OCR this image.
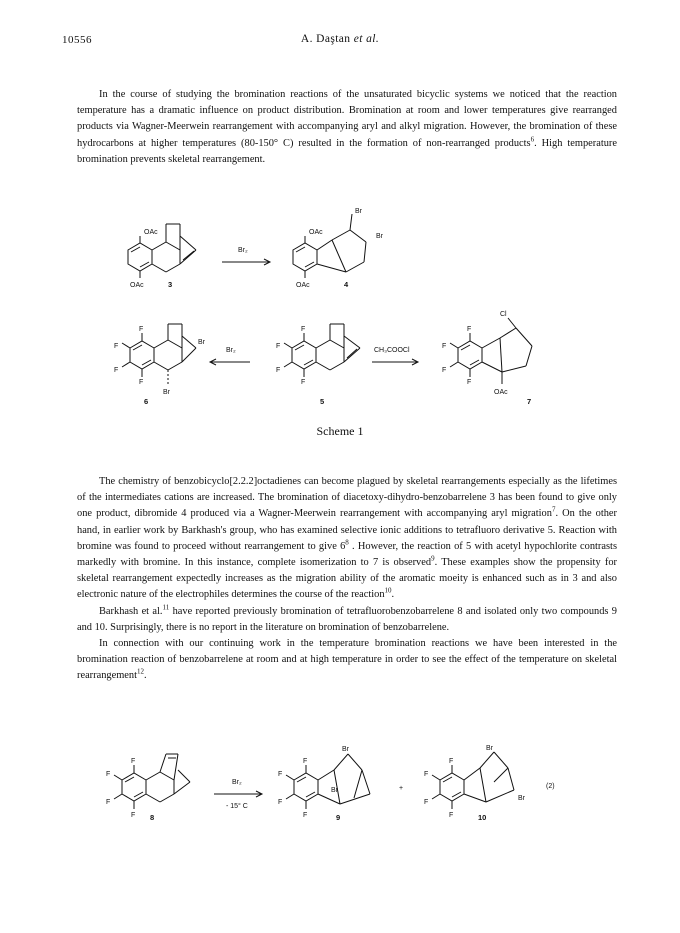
10556	A. Daştan et al.

In the course of studying the bromination reactions of the unsaturated bicyclic systems we noticed that the reaction temperature has a dramatic influence on product distribution. Bromination at room and lower temperatures give rearranged products via Wagner-Meerwein rearrangement with accompanying aryl and alkyl migration. However, the bromination of these hydrocarbons at higher temperatures (80-150° C) resulted in the formation of non-rearranged products$^6$. High temperature bromination prevents skeletal rearrangement.

OAc
OAc	3
Br₂
OAc
OAc
Br
Br
4
F
F
F
F
Br
Br
6
Br₂
F
F
F
F
5
CH₃COOCl
Cl
F
F
F
F
OAc
7
Scheme 1

The chemistry of benzobicyclo[2.2.2]octadienes can become plagued by skeletal rearrangements especially as the lifetimes of the intermediates cations are increased. The bromination of diacetoxy-dihydro-benzobarrelene 3 has been found to give only one product, dibromide 4 produced via a Wagner-Meerwein rearrangement with accompanying aryl migration$^7$. On the other hand, in earlier work by Barkhash's group, who has examined selective ionic additions to tetrafluoro derivative 5. Reaction with bromine was found to proceed without rearrangement to give $6^8$ . However, the reaction of 5 with acetyl hypochlorite contrasts markedly with bromine. In this instance, complete isomerization to 7 is observed$^9$. These examples show the propensity for skeletal rearrangement expectedly increases as the migration ability of the aromatic moeity is enhanced such as in 3 and also electronic nature of the electrophiles determines the course of the reaction$^{10}$.

Barkhash et al.$^{11}$ have reported previously bromination of tetrafluorobenzobarrelene 8 and isolated only two compounds 9 and 10. Surprisingly, there is no report in the literature on bromination of benzobarrelene.

In connection with our continuing work in the temperature bromination reactions we have been interested in the bromination reaction of benzobarrelene at room and at high temperature in order to see the effect of the temperature on skeletal rearrangement$^{12}$.

F
F
F
F 8
Br₂
- 15° C
F
F
F
F
Br
Br
9
+
F
F
F
F
Br
Br
10
(2)
